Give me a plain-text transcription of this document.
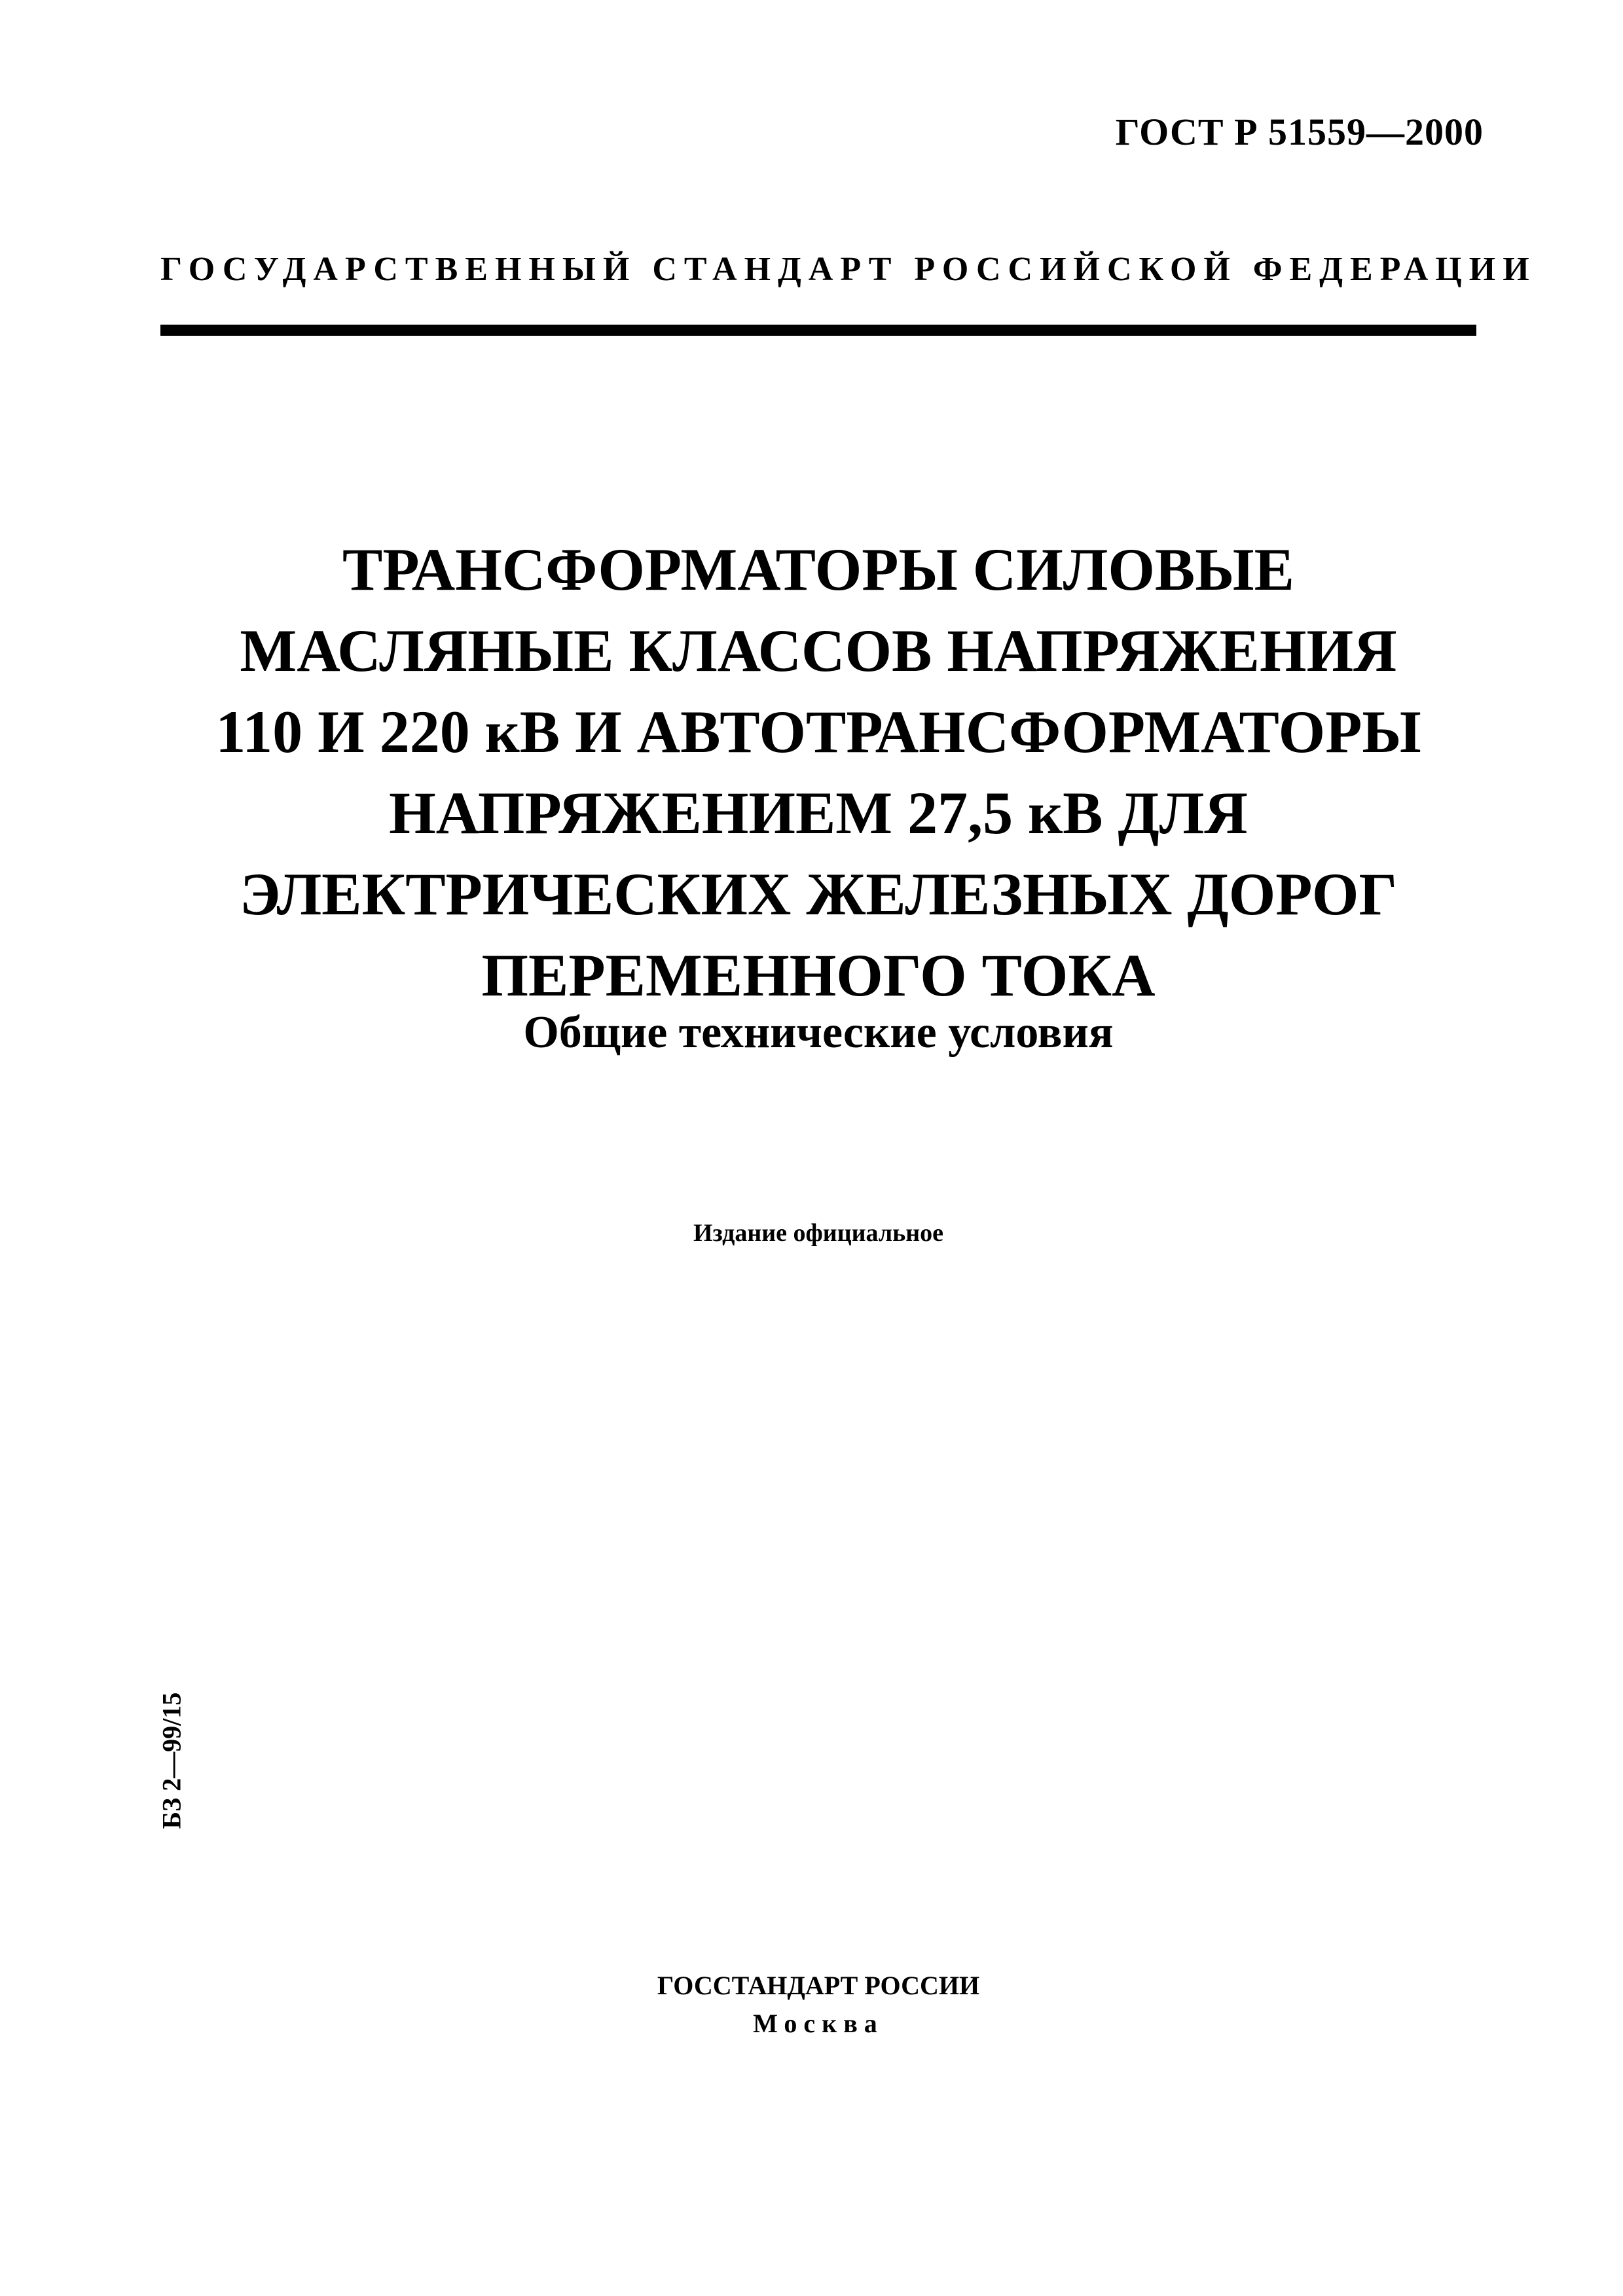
ГОСТ Р 51559—2000
ГОСУДАРСТВЕННЫЙ СТАНДАРТ РОССИЙСКОЙ ФЕДЕРАЦИИ
ТРАНСФОРМАТОРЫ СИЛОВЫЕ
МАСЛЯНЫЕ КЛАССОВ НАПРЯЖЕНИЯ
110 И 220 кВ И АВТОТРАНСФОРМАТОРЫ
НАПРЯЖЕНИЕМ 27,5 кВ ДЛЯ
ЭЛЕКТРИЧЕСКИХ ЖЕЛЕЗНЫХ ДОРОГ
ПЕРЕМЕННОГО ТОКА
Общие технические условия
Издание официальное
БЗ 2—99/15
ГОССТАНДАРТ РОССИИ
Москва
